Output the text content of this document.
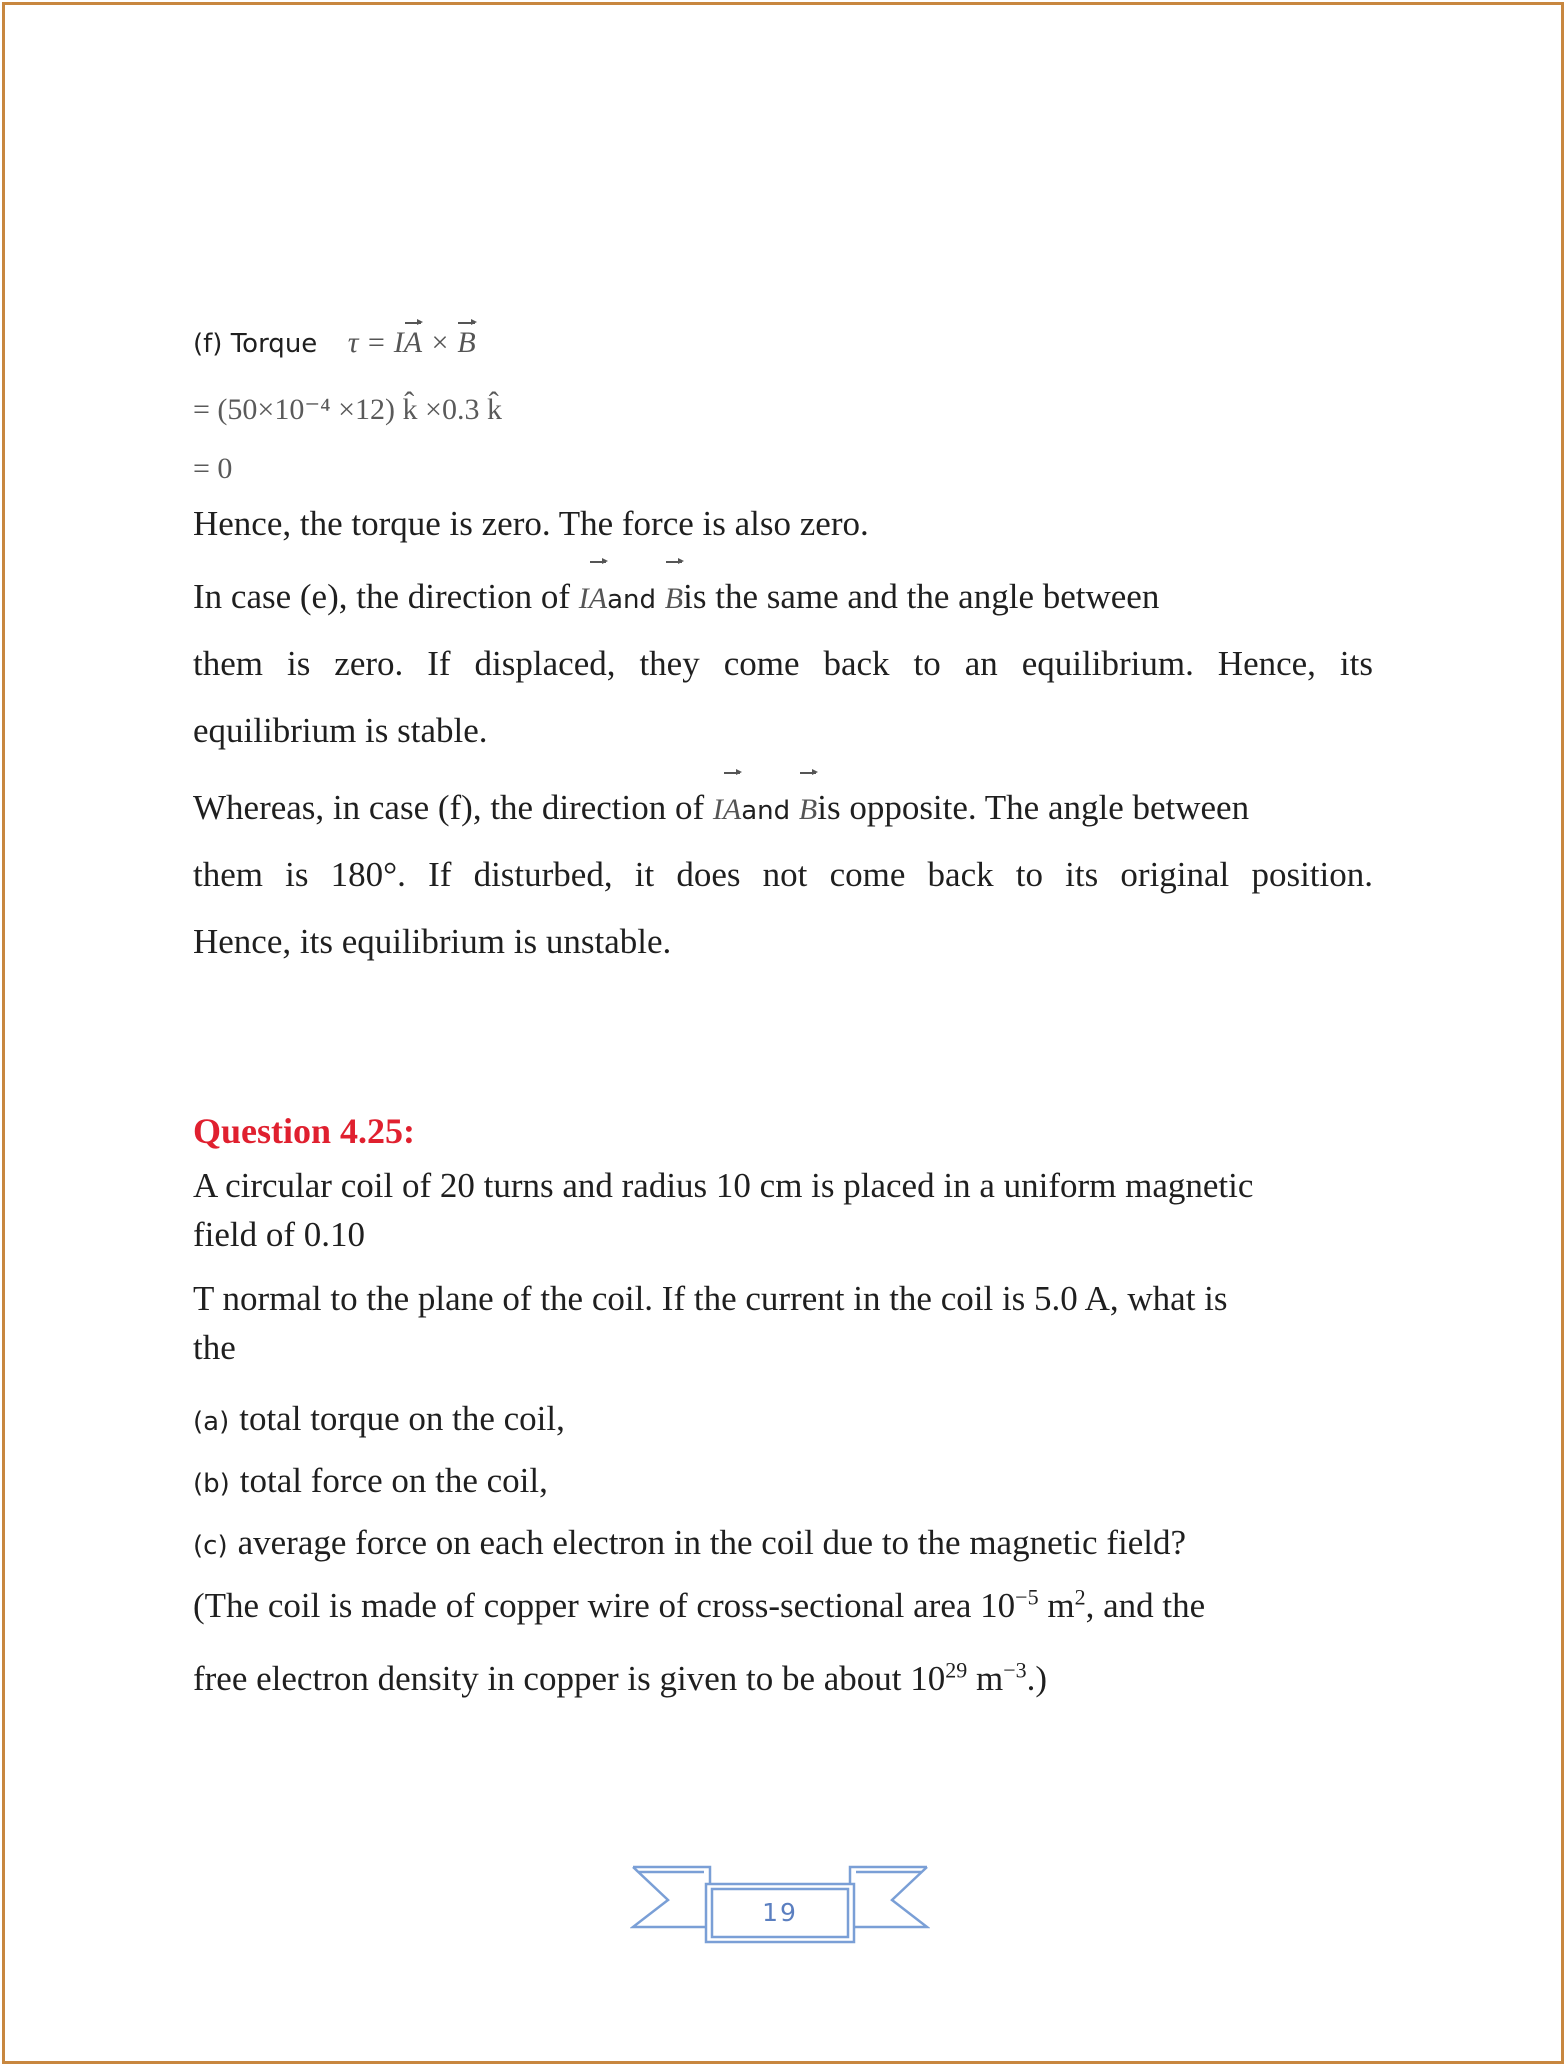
(f) Torque τ = IA × B
= (50×10⁻⁴ ×12) k̂ ×0.3 k̂
= 0
Hence, the torque is zero. The force is also zero.
In case (e), the direction of IAand Bis the same and the angle between
them is zero. If displaced, they come back to an equilibrium. Hence, its
equilibrium is stable.
Whereas, in case (f), the direction of IAand Bis opposite. The angle between
them is 180°. If disturbed, it does not come back to its original position.
Hence, its equilibrium is unstable.
Question 4.25:
A circular coil of 20 turns and radius 10 cm is placed in a uniform magnetic
field of 0.10
T normal to the plane of the coil. If the current in the coil is 5.0 A, what is
the
(a) total torque on the coil,
(b) total force on the coil,
(c) average force on each electron in the coil due to the magnetic field?
(The coil is made of copper wire of cross-sectional area $10^{-5}$ $m^2$, and the
free electron density in copper is given to be about $10^{29}$ $m^{-3}$.)
19
